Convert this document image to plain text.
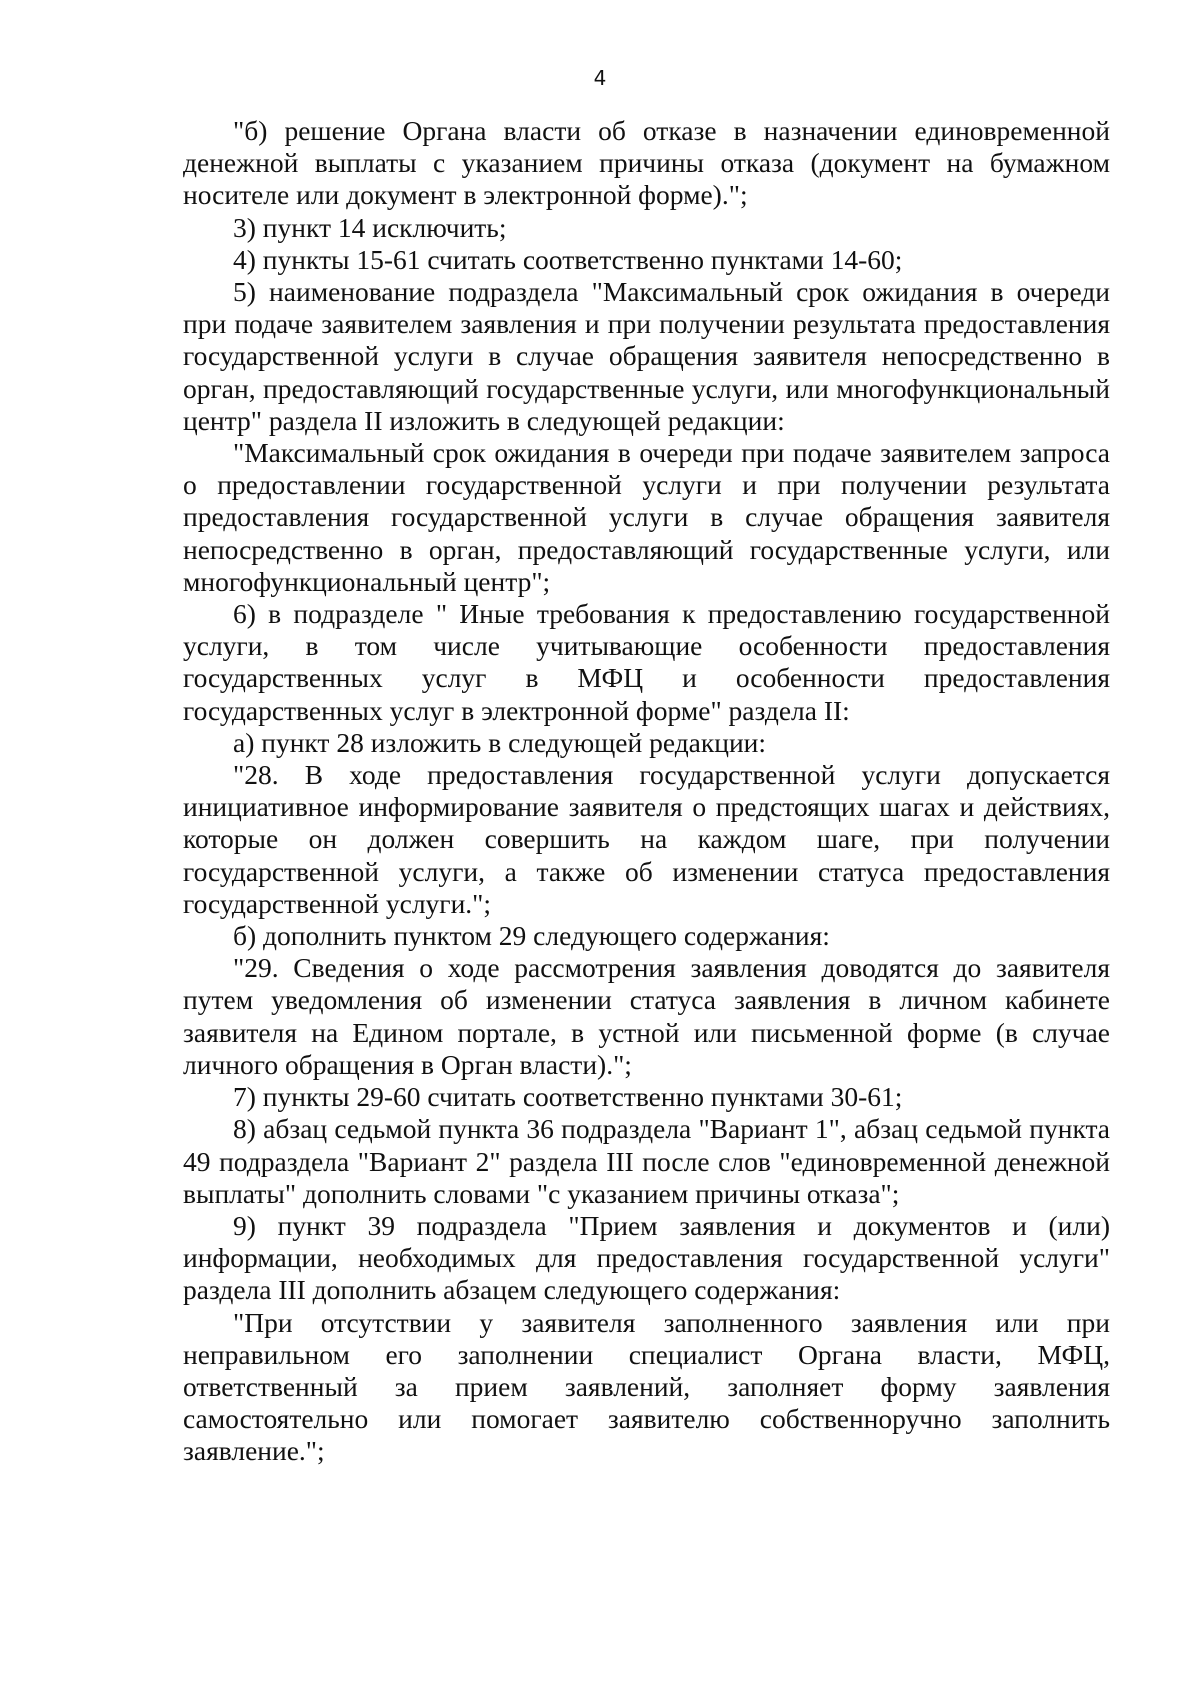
4

"б) решение Органа власти об отказе в назначении единовременной денежной выплаты с указанием причины отказа (документ на бумажном носителе или документ в электронной форме).";

3) пункт 14 исключить;

4) пункты 15-61 считать соответственно пунктами 14-60;

5) наименование подраздела "Максимальный срок ожидания в очереди при подаче заявителем заявления и при получении результата предоставления государственной услуги в случае обращения заявителя непосредственно в орган, предоставляющий государственные услуги, или многофункциональный центр" раздела II изложить в следующей редакции:

"Максимальный срок ожидания в очереди при подаче заявителем запроса о предоставлении государственной услуги и при получении результата предоставления государственной услуги в случае обращения заявителя непосредственно в орган, предоставляющий государственные услуги, или многофункциональный центр";

6) в подразделе " Иные требования к предоставлению государственной услуги, в том числе учитывающие особенности предоставления государственных услуг в МФЦ и особенности предоставления государственных услуг в электронной форме" раздела II:

а) пункт 28 изложить в следующей редакции:

"28. В ходе предоставления государственной услуги допускается инициативное информирование заявителя о предстоящих шагах и действиях, которые он должен совершить на каждом шаге, при получении государственной услуги, а также об изменении статуса предоставления государственной услуги.";

б) дополнить пунктом 29 следующего содержания:

"29. Сведения о ходе рассмотрения заявления доводятся до заявителя путем уведомления об изменении статуса заявления в личном кабинете заявителя на Едином портале, в устной или письменной форме (в случае личного обращения в Орган власти).";

7) пункты 29-60 считать соответственно пунктами 30-61;

8) абзац седьмой пункта 36 подраздела "Вариант 1", абзац седьмой пункта 49 подраздела "Вариант 2" раздела III после слов "единовременной денежной выплаты" дополнить словами "с указанием причины отказа";

9) пункт 39 подраздела "Прием заявления и документов и (или) информации, необходимых для предоставления государственной услуги" раздела III дополнить абзацем следующего содержания:

"При отсутствии у заявителя заполненного заявления или при неправильном его заполнении специалист Органа власти, МФЦ, ответственный за прием заявлений, заполняет форму заявления самостоятельно или помогает заявителю собственноручно заполнить заявление.";
